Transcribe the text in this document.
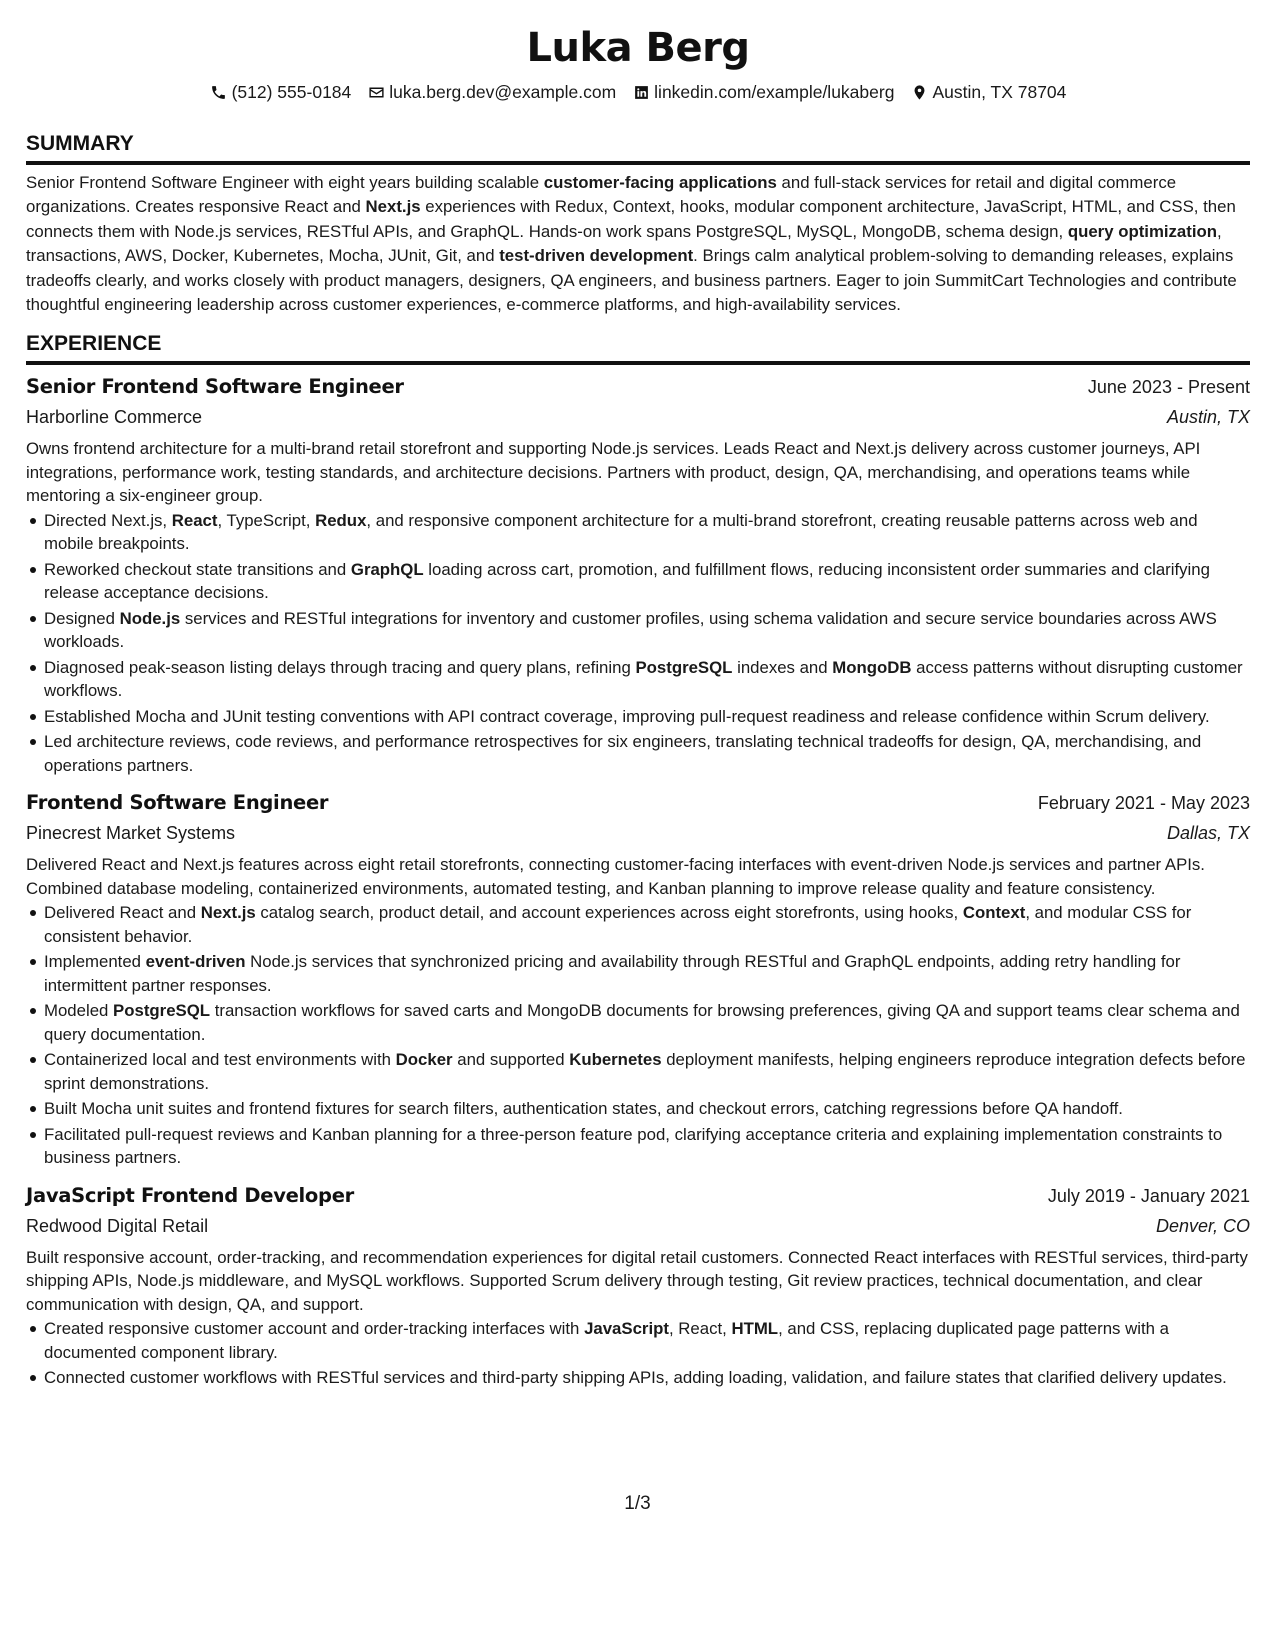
Luka Berg
(512) 555-0184 luka.berg.dev@example.com linkedin.com/example/lukaberg Austin, TX 78704
SUMMARY

Senior Frontend Software Engineer with eight years building scalable customer-facing applications and full-stack services for retail and digital commerce organizations. Creates responsive React and Next.js experiences with Redux, Context, hooks, modular component architecture, JavaScript, HTML, and CSS, then connects them with Node.js services, RESTful APIs, and GraphQL. Hands-on work spans PostgreSQL, MySQL, MongoDB, schema design, query optimization, transactions, AWS, Docker, Kubernetes, Mocha, JUnit, Git, and test-driven development. Brings calm analytical problem-solving to demanding releases, explains tradeoffs clearly, and works closely with product managers, designers, QA engineers, and business partners. Eager to join SummitCart Technologies and contribute thoughtful engineering leadership across customer experiences, e-commerce platforms, and high-availability services.

EXPERIENCE
Senior Frontend Software Engineer	June 2023 - Present
Harborline Commerce	Austin, TX

Owns frontend architecture for a multi-brand retail storefront and supporting Node.js services. Leads React and Next.js delivery across customer journeys, API integrations, performance work, testing standards, and architecture decisions. Partners with product, design, QA, merchandising, and operations teams while mentoring a six-engineer group.

Directed Next.js, React, TypeScript, Redux, and responsive component architecture for a multi-brand storefront, creating reusable patterns across web and mobile breakpoints.
Reworked checkout state transitions and GraphQL loading across cart, promotion, and fulfillment flows, reducing inconsistent order summaries and clarifying release acceptance decisions.
Designed Node.js services and RESTful integrations for inventory and customer profiles, using schema validation and secure service boundaries across AWS workloads.
Diagnosed peak-season listing delays through tracing and query plans, refining PostgreSQL indexes and MongoDB access patterns without disrupting customer workflows.
Established Mocha and JUnit testing conventions with API contract coverage, improving pull-request readiness and release confidence within Scrum delivery.
Led architecture reviews, code reviews, and performance retrospectives for six engineers, translating technical tradeoffs for design, QA, merchandising, and operations partners.
Frontend Software Engineer	February 2021 - May 2023
Pinecrest Market Systems	Dallas, TX

Delivered React and Next.js features across eight retail storefronts, connecting customer-facing interfaces with event-driven Node.js services and partner APIs. Combined database modeling, containerized environments, automated testing, and Kanban planning to improve release quality and feature consistency.

Delivered React and Next.js catalog search, product detail, and account experiences across eight storefronts, using hooks, Context, and modular CSS for consistent behavior.
Implemented event-driven Node.js services that synchronized pricing and availability through RESTful and GraphQL endpoints, adding retry handling for intermittent partner responses.
Modeled PostgreSQL transaction workflows for saved carts and MongoDB documents for browsing preferences, giving QA and support teams clear schema and query documentation.
Containerized local and test environments with Docker and supported Kubernetes deployment manifests, helping engineers reproduce integration defects before sprint demonstrations.
Built Mocha unit suites and frontend fixtures for search filters, authentication states, and checkout errors, catching regressions before QA handoff.
Facilitated pull-request reviews and Kanban planning for a three-person feature pod, clarifying acceptance criteria and explaining implementation constraints to business partners.
JavaScript Frontend Developer	July 2019 - January 2021
Redwood Digital Retail	Denver, CO

Built responsive account, order-tracking, and recommendation experiences for digital retail customers. Connected React interfaces with RESTful services, third-party shipping APIs, Node.js middleware, and MySQL workflows. Supported Scrum delivery through testing, Git review practices, technical documentation, and clear communication with design, QA, and support.

Created responsive customer account and order-tracking interfaces with JavaScript, React, HTML, and CSS, replacing duplicated page patterns with a documented component library.
Connected customer workflows with RESTful services and third-party shipping APIs, adding loading, validation, and failure states that clarified delivery updates.
1/3
